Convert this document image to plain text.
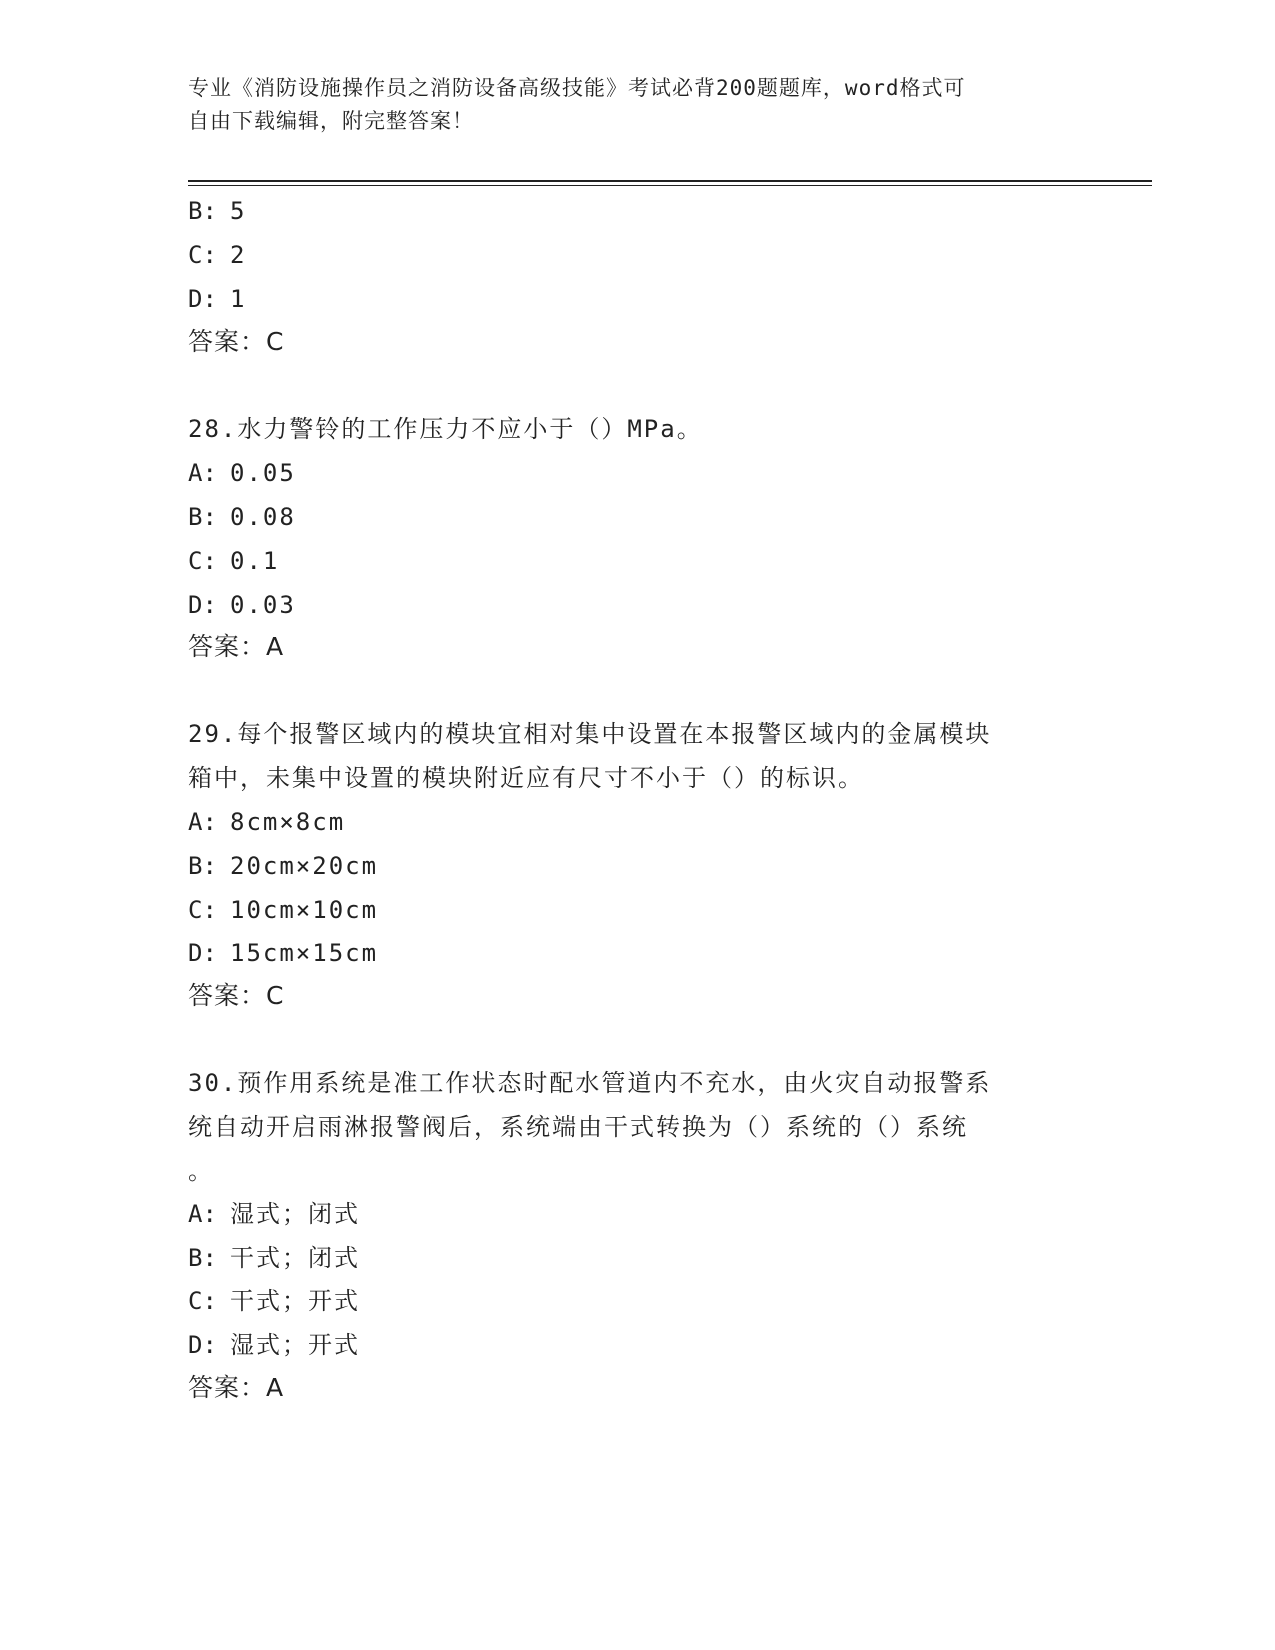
专业《消防设施操作员之消防设备高级技能》考试必背200题题库，word格式可
自由下载编辑，附完整答案！
B: 5
C: 2
D: 1
答案：C
28.水力警铃的工作压力不应小于（）MPa。
A: 0.05
B: 0.08
C: 0.1
D: 0.03
答案：A
29.每个报警区域内的模块宜相对集中设置在本报警区域内的金属模块
箱中，未集中设置的模块附近应有尺寸不小于（）的标识。
A: 8cm×8cm
B: 20cm×20cm
C: 10cm×10cm
D: 15cm×15cm
答案：C
30.预作用系统是准工作状态时配水管道内不充水，由火灾自动报警系
统自动开启雨淋报警阀后，系统端由干式转换为（）系统的（）系统
。
A: 湿式；闭式
B: 干式；闭式
C: 干式；开式
D: 湿式；开式
答案：A
